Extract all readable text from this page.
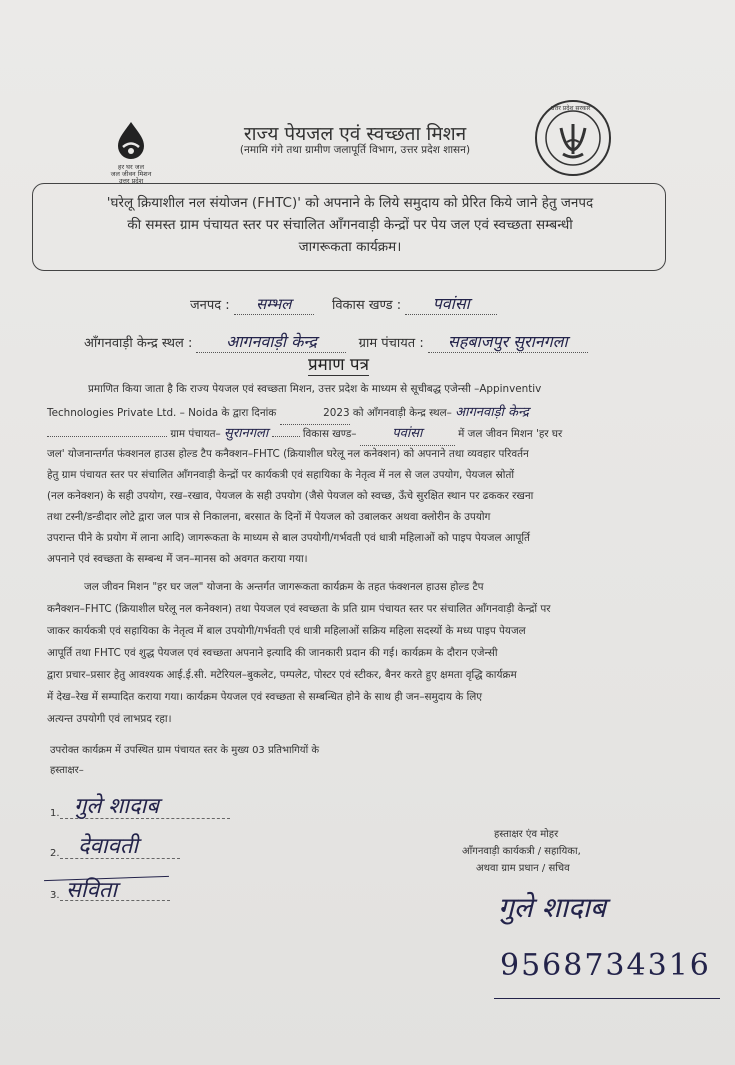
हर घर जल
जल जीवन मिशन
उत्तर प्रदेश
उत्तर प्रदेश सरकार
राज्य पेयजल एवं स्वच्छता मिशन
(नमामि गंगे तथा ग्रामीण जलापूर्ति विभाग, उत्तर प्रदेश शासन)
'घरेलू क्रियाशील नल संयोजन (FHTC)' को अपनाने के लिये समुदाय को प्रेरित किये जाने हेतु जनपद
की समस्त ग्राम पंचायत स्तर पर संचालित आँगनवाड़ी केन्द्रों पर पेय जल एवं स्वच्छता सम्बन्धी
जागरूकता कार्यक्रम।
जनपद : सम्भल	विकास खण्ड : पवांसा
आँगनवाड़ी केन्द्र स्थल : आगनवाड़ी केन्द्र	ग्राम पंचायत : सहबाजपुर सुरानगला
प्रमाण पत्र
प्रमाणित किया जाता है कि राज्य पेयजल एवं स्वच्छता मिशन, उत्तर प्रदेश के माध्यम से सूचीबद्ध एजेन्सी –Appinventiv
Technologies Private Ltd. – Noida के द्वारा दिनांक	2023 को आँगनवाड़ी केन्द्र स्थल– आगनवाड़ी केन्द्र
ग्राम पंचायत– सुरानगला	विकास खण्ड–	पवांसा	में जल जीवन मिशन 'हर घर
जल' योजनान्तर्गत फंक्शनल हाउस होल्ड टैप कनैक्शन–FHTC (क्रियाशील घरेलू नल कनेक्शन) को अपनाने तथा व्यवहार परिवर्तन
हेतु ग्राम पंचायत स्तर पर संचालित आँगनवाड़ी केन्द्रों पर कार्यकत्री एवं सहायिका के नेतृत्व में नल से जल उपयोग, पेयजल स्रोतों
(नल कनेक्शन) के सही उपयोग, रख–रखाव, पेयजल के सही उपयोग (जैसे पेयजल को स्वच्छ, ऊँचे सुरक्षित स्थान पर ढककर रखना
तथा टस्नी/डन्डीदार लोटे द्वारा जल पात्र से निकालना, बरसात के दिनों में पेयजल को उबालकर अथवा क्लोरीन के उपयोग
उपरान्त पीने के प्रयोग में लाना आदि) जागरूकता के माध्यम से बाल उपयोगी/गर्भवती एवं धात्री महिलाओं को पाइप पेयजल आपूर्ति
अपनाने एवं स्वच्छता के सम्बन्ध में जन–मानस को अवगत कराया गया।
जल जीवन मिशन "हर घर जल" योजना के अन्तर्गत जागरूकता कार्यक्रम के तहत फंक्शनल हाउस होल्ड टैप
कनैक्शन–FHTC (क्रियाशील घरेलू नल कनेक्शन) तथा पेयजल एवं स्वच्छता के प्रति ग्राम पंचायत स्तर पर संचालित आँगनवाड़ी केन्द्रों पर
जाकर कार्यकत्री एवं सहायिका के नेतृत्व में बाल उपयोगी/गर्भवती एवं धात्री महिलाओं सक्रिय महिला सदस्यों के मध्य पाइप पेयजल
आपूर्ति तथा FHTC एवं शुद्ध पेयजल एवं स्वच्छता अपनाने इत्यादि की जानकारी प्रदान की गई। कार्यक्रम के दौरान एजेन्सी
द्वारा प्रचार–प्रसार हेतु आवश्यक आई.ई.सी. मटेरियल–बुकलेट, पम्पलेट, पोस्टर एवं स्टीकर, बैनर करते हुए क्षमता वृद्धि कार्यक्रम
में देख–रेख में सम्पादित कराया गया। कार्यक्रम पेयजल एवं स्वच्छता से सम्बन्धित होने के साथ ही जन–समुदाय के लिए
अत्यन्त उपयोगी एवं लाभप्रद रहा।
उपरोक्त कार्यक्रम में उपस्थित ग्राम पंचायत स्तर के मुख्य 03 प्रतिभागियों के
हस्ताक्षर–
1. गुले शादाब
2. देवावती
3. सविता
हस्ताक्षर एंव मोहर
आँगनवाड़ी कार्यकत्री / सहायिका,
अथवा ग्राम प्रधान / सचिव
गुले शादाब
9568734316
